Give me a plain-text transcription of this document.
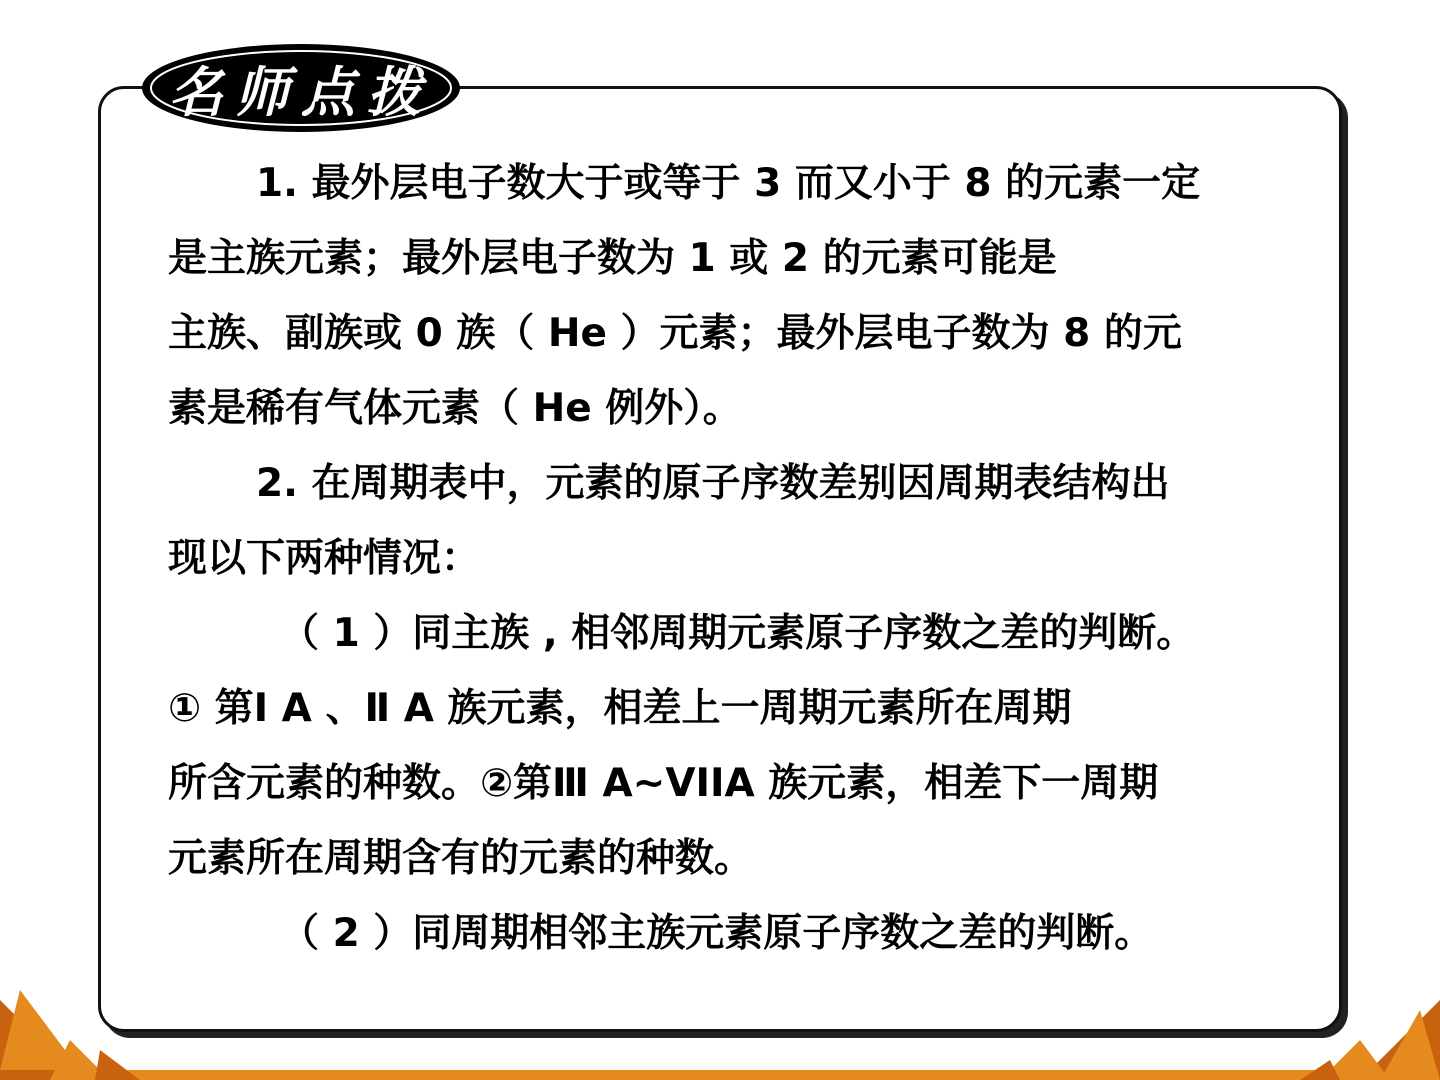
名师点拨
1. 最外层电子数大于或等于 3 而又小于 8 的元素一定
是主族元素；最外层电子数为 1 或 2 的元素可能是
主族、副族或 0 族（ He ）元素；最外层电子数为 8 的元
素是稀有气体元素（ He 例外）。
2. 在周期表中，元素的原子序数差别因周期表结构出
现以下两种情况：
（ 1 ）同主族 , 相邻周期元素原子序数之差的判断。
① 第Ⅰ A 、Ⅱ A 族元素，相差上一周期元素所在周期
所含元素的种数。②第Ⅲ A~VIIA 族元素，相差下一周期
元素所在周期含有的元素的种数。
（ 2 ）同周期相邻主族元素原子序数之差的判断。
